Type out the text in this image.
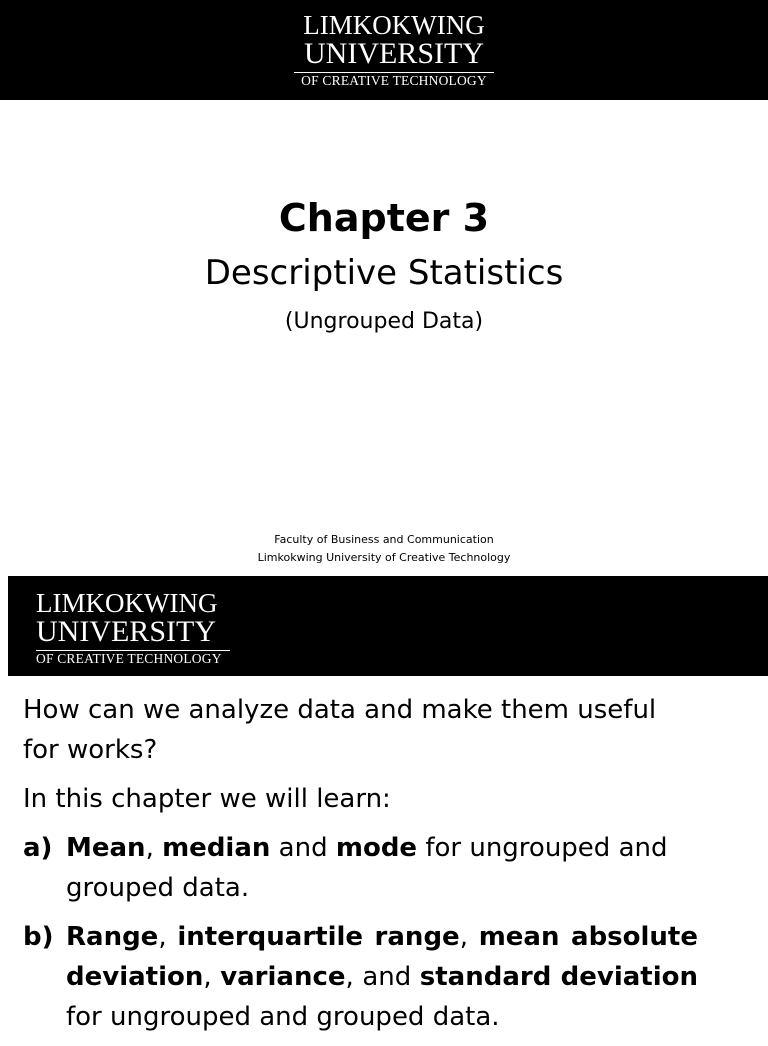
LIMKOKWING
UNIVERSITY
OF CREATIVE TECHNOLOGY
Chapter 3
Descriptive Statistics
(Ungrouped Data)
Faculty of Business and Communication
Limkokwing University of Creative Technology
LIMKOKWING
UNIVERSITY
OF CREATIVE TECHNOLOGY

How can we analyze data and make them useful for works?

In this chapter we will learn:

a) Mean, median and mode for ungrouped and grouped data.
b) Range, interquartile range, mean absolute deviation, variance, and standard deviation for ungrouped and grouped data.
